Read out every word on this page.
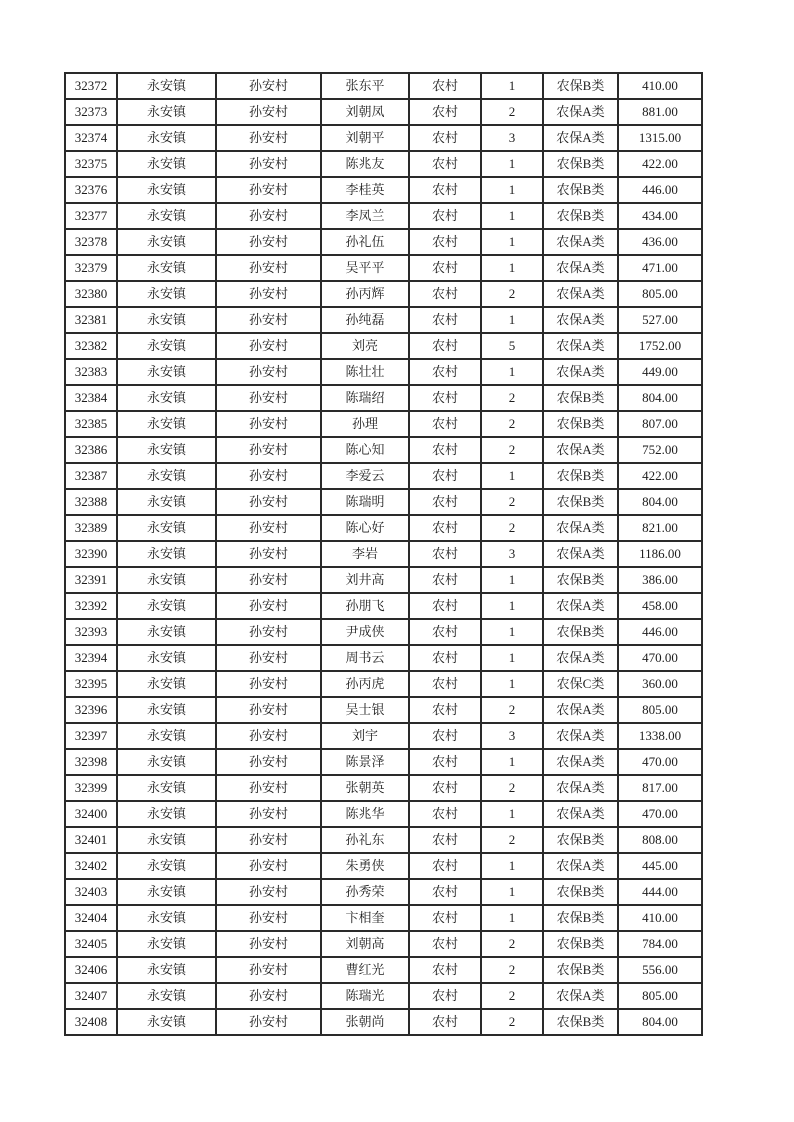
32372	永安镇	孙安村	张东平	农村	1	农保B类	410.00
32373	永安镇	孙安村	刘朝凤	农村	2	农保A类	881.00
32374	永安镇	孙安村	刘朝平	农村	3	农保A类	1315.00
32375	永安镇	孙安村	陈兆友	农村	1	农保B类	422.00
32376	永安镇	孙安村	李桂英	农村	1	农保B类	446.00
32377	永安镇	孙安村	李凤兰	农村	1	农保B类	434.00
32378	永安镇	孙安村	孙礼伍	农村	1	农保A类	436.00
32379	永安镇	孙安村	吴平平	农村	1	农保A类	471.00
32380	永安镇	孙安村	孙丙辉	农村	2	农保A类	805.00
32381	永安镇	孙安村	孙纯磊	农村	1	农保A类	527.00
32382	永安镇	孙安村	刘亮	农村	5	农保A类	1752.00
32383	永安镇	孙安村	陈壮壮	农村	1	农保A类	449.00
32384	永安镇	孙安村	陈瑞绍	农村	2	农保B类	804.00
32385	永安镇	孙安村	孙理	农村	2	农保B类	807.00
32386	永安镇	孙安村	陈心知	农村	2	农保A类	752.00
32387	永安镇	孙安村	李爱云	农村	1	农保B类	422.00
32388	永安镇	孙安村	陈瑞明	农村	2	农保B类	804.00
32389	永安镇	孙安村	陈心好	农村	2	农保A类	821.00
32390	永安镇	孙安村	李岩	农村	3	农保A类	1186.00
32391	永安镇	孙安村	刘井高	农村	1	农保B类	386.00
32392	永安镇	孙安村	孙朋飞	农村	1	农保A类	458.00
32393	永安镇	孙安村	尹成侠	农村	1	农保B类	446.00
32394	永安镇	孙安村	周书云	农村	1	农保A类	470.00
32395	永安镇	孙安村	孙丙虎	农村	1	农保C类	360.00
32396	永安镇	孙安村	吴士银	农村	2	农保A类	805.00
32397	永安镇	孙安村	刘宇	农村	3	农保A类	1338.00
32398	永安镇	孙安村	陈景泽	农村	1	农保A类	470.00
32399	永安镇	孙安村	张朝英	农村	2	农保A类	817.00
32400	永安镇	孙安村	陈兆华	农村	1	农保A类	470.00
32401	永安镇	孙安村	孙礼东	农村	2	农保B类	808.00
32402	永安镇	孙安村	朱勇侠	农村	1	农保A类	445.00
32403	永安镇	孙安村	孙秀荣	农村	1	农保B类	444.00
32404	永安镇	孙安村	卞相奎	农村	1	农保B类	410.00
32405	永安镇	孙安村	刘朝高	农村	2	农保B类	784.00
32406	永安镇	孙安村	曹红光	农村	2	农保B类	556.00
32407	永安镇	孙安村	陈瑞光	农村	2	农保A类	805.00
32408	永安镇	孙安村	张朝尚	农村	2	农保B类	804.00
